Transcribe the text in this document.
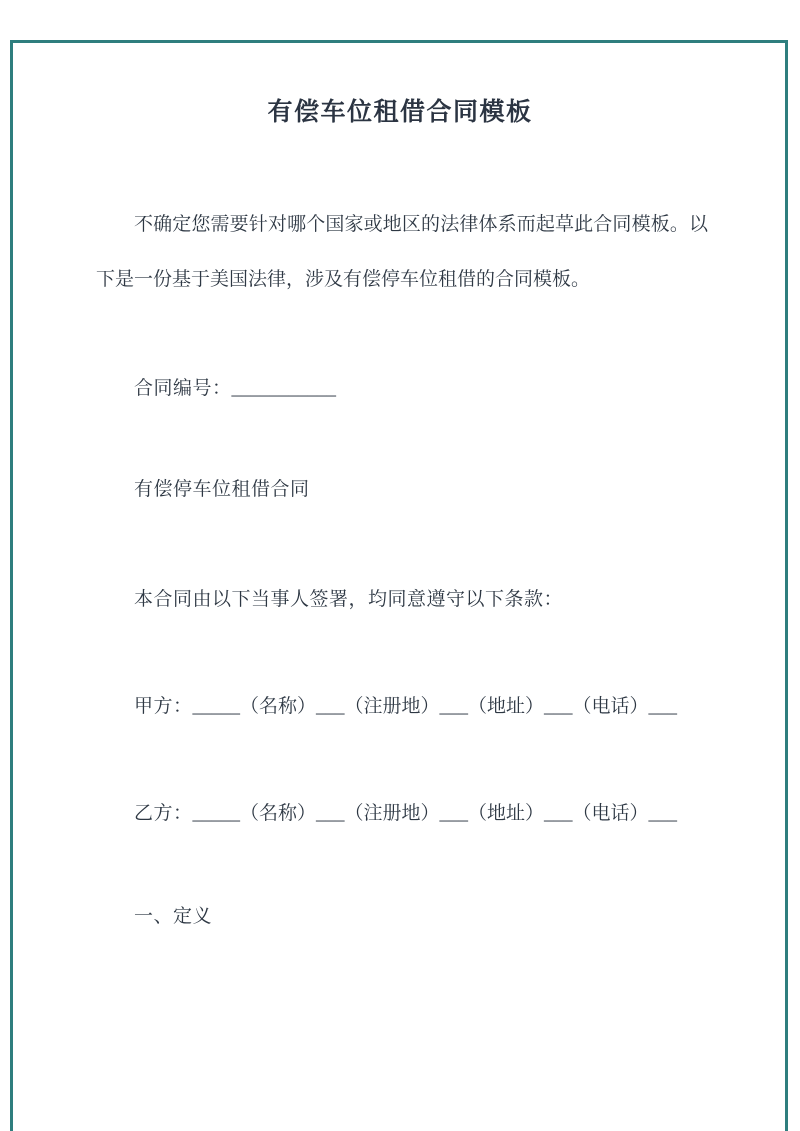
有偿车位租借合同模板

不确定您需要针对哪个国家或地区的法律体系而起草此合同模板。以下是一份基于美国法律，涉及有偿停车位租借的合同模板。

合同编号：___________

有偿停车位租借合同

本合同由以下当事人签署，均同意遵守以下条款：

甲方：_____（名称）___（注册地）___（地址）___（电话）___

乙方：_____（名称）___（注册地）___（地址）___（电话）___

一、定义
